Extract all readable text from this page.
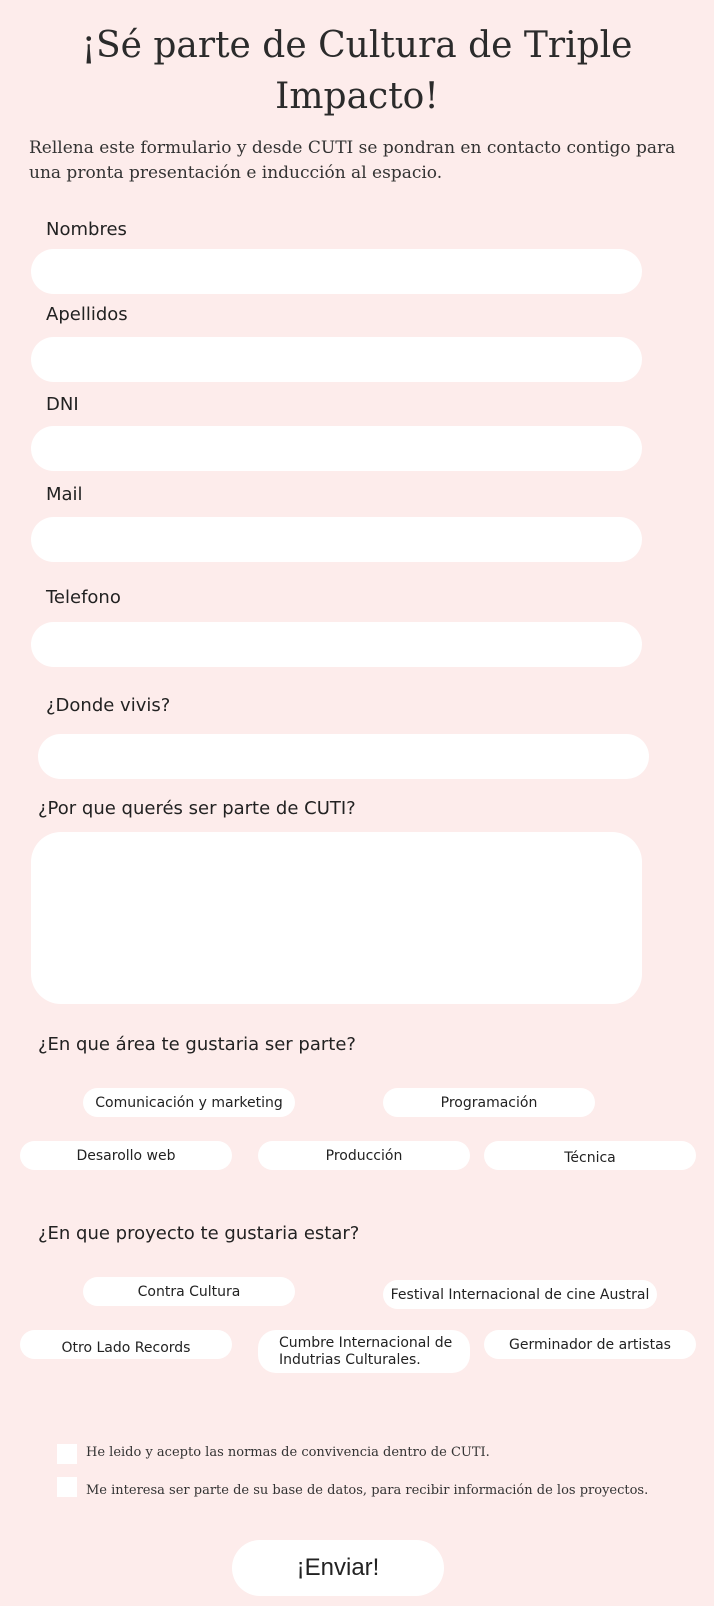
¡Sé parte de Cultura de Triple Impacto!

Rellena este formulario y desde CUTI se pondran en contacto contigo para una pronta presentación e inducción al espacio.

Nombres
Apellidos
DNI
Mail
Telefono
¿Donde vivis?
¿Por que querés ser parte de CUTI?
¿En que área te gustaria ser parte?
Comunicación y marketing	Programación
Desarollo web	Producción	Técnica
¿En que proyecto te gustaria estar?
Contra Cultura	Festival Internacional de cine Austral
Otro Lado Records	Cumbre Internacional de Indutrias Culturales.
Germinador de artistas
He leido y acepto las normas de convivencia dentro de CUTI.
Me interesa ser parte de su base de datos, para recibir información de los proyectos.
¡Enviar!
